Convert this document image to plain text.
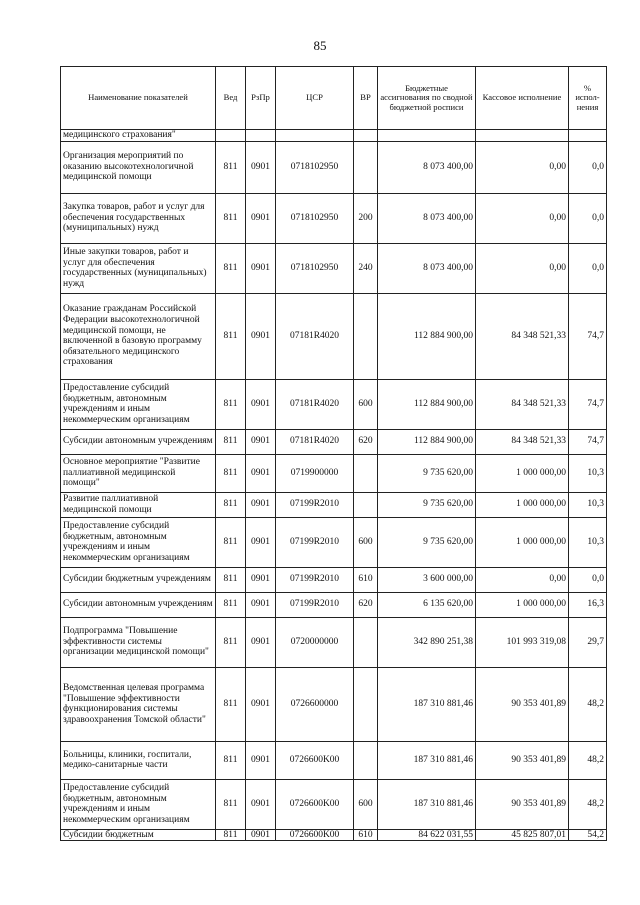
85
Наименование показателей	Вед	РзПр	ЦСР	ВР	Бюджетные ассигнования по сводной бюджетной росписи	Кассовое исполнение	% испол-нения
медицинского страхования"							
Организация мероприятий по оказанию высокотехнологичной медицинской помощи	811	0901	0718102950		8 073 400,00	0,00	0,0
Закупка товаров, работ и услуг для обеспечения государственных (муниципальных) нужд	811	0901	0718102950	200	8 073 400,00	0,00	0,0
Иные закупки товаров, работ и услуг для обеспечения государственных (муниципальных) нужд	811	0901	0718102950	240	8 073 400,00	0,00	0,0
Оказание гражданам Российской Федерации высокотехнологичной медицинской помощи, не включенной в базовую программу обязательного медицинского страхования	811	0901	07181R4020		112 884 900,00	84 348 521,33	74,7
Предоставление субсидий бюджетным, автономным учреждениям и иным некоммерческим организациям	811	0901	07181R4020	600	112 884 900,00	84 348 521,33	74,7
Субсидии автономным учреждениям	811	0901	07181R4020	620	112 884 900,00	84 348 521,33	74,7
Основное мероприятие "Развитие паллиативной медицинской помощи"	811	0901	0719900000		9 735 620,00	1 000 000,00	10,3
Развитие паллиативной медицинской помощи	811	0901	07199R2010		9 735 620,00	1 000 000,00	10,3
Предоставление субсидий бюджетным, автономным учреждениям и иным некоммерческим организациям	811	0901	07199R2010	600	9 735 620,00	1 000 000,00	10,3
Субсидии бюджетным учреждениям	811	0901	07199R2010	610	3 600 000,00	0,00	0,0
Субсидии автономным учреждениям	811	0901	07199R2010	620	6 135 620,00	1 000 000,00	16,3
Подпрограмма "Повышение эффективности системы организации медицинской помощи"	811	0901	0720000000		342 890 251,38	101 993 319,08	29,7
Ведомственная целевая программа "Повышение эффективности функционирования системы здравоохранения Томской области"	811	0901	0726600000		187 310 881,46	90 353 401,89	48,2
Больницы, клиники, госпитали, медико-санитарные части	811	0901	0726600K00		187 310 881,46	90 353 401,89	48,2
Предоставление субсидий бюджетным, автономным учреждениям и иным некоммерческим организациям	811	0901	0726600K00	600	187 310 881,46	90 353 401,89	48,2
Субсидии бюджетным	811	0901	0726600K00	610	84 622 031,55	45 825 807,01	54,2
